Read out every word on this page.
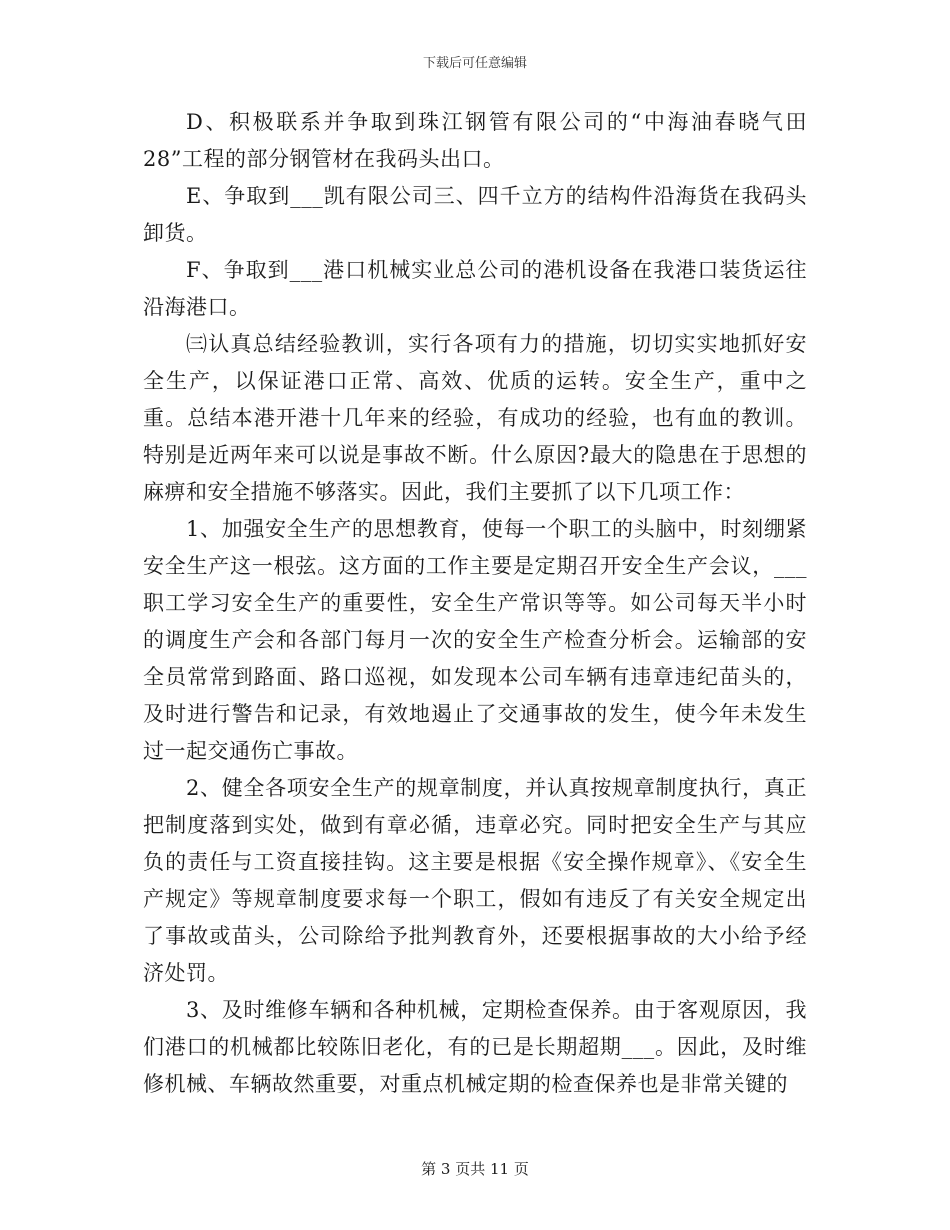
下载后可任意编辑

D、积极联系并争取到珠江钢管有限公司的“中海油春晓气田28”工程的部分钢管材在我码头出口。

E、争取到___凯有限公司三、四千立方的结构件沿海货在我码头卸货。

F、争取到___港口机械实业总公司的港机设备在我港口装货运往沿海港口。

㈢认真总结经验教训，实行各项有力的措施，切切实实地抓好安全生产，以保证港口正常、高效、优质的运转。安全生产，重中之重。总结本港开港十几年来的经验，有成功的经验，也有血的教训。特别是近两年来可以说是事故不断。什么原因?最大的隐患在于思想的麻痹和安全措施不够落实。因此，我们主要抓了以下几项工作：

1、加强安全生产的思想教育，使每一个职工的头脑中，时刻绷紧安全生产这一根弦。这方面的工作主要是定期召开安全生产会议，___职工学习安全生产的重要性，安全生产常识等等。如公司每天半小时的调度生产会和各部门每月一次的安全生产检查分析会。运输部的安全员常常到路面、路口巡视，如发现本公司车辆有违章违纪苗头的，及时进行警告和记录，有效地遏止了交通事故的发生，使今年未发生过一起交通伤亡事故。

2、健全各项安全生产的规章制度，并认真按规章制度执行，真正把制度落到实处，做到有章必循，违章必究。同时把安全生产与其应负的责任与工资直接挂钩。这主要是根据《安全操作规章》、《安全生产规定》等规章制度要求每一个职工，假如有违反了有关安全规定出了事故或苗头，公司除给予批判教育外，还要根据事故的大小给予经济处罚。

3、及时维修车辆和各种机械，定期检查保养。由于客观原因，我们港口的机械都比较陈旧老化，有的已是长期超期___。因此，及时维修机械、车辆故然重要，对重点机械定期的检查保养也是非常关键的

第 3 页共 11 页
